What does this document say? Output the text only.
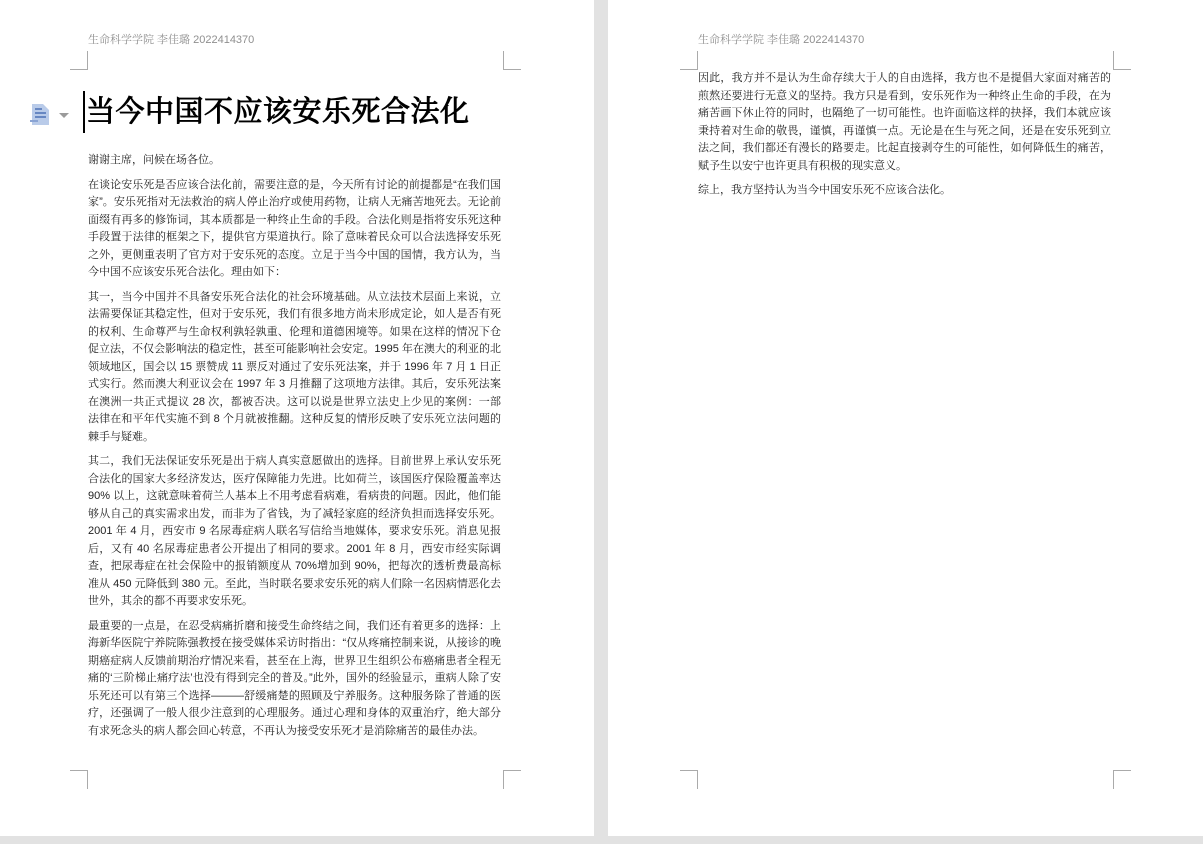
生命科学学院 李佳璐 2022414370
当今中国不应该安乐死合法化

谢谢主席，问候在场各位。

在谈论安乐死是否应该合法化前，需要注意的是，今天所有讨论的前提都是“在我们国家”。安乐死指对无法救治的病人停止治疗或使用药物，让病人无痛苦地死去。无论前面缀有再多的修饰词，其本质都是一种终止生命的手段。合法化则是指将安乐死这种手段置于法律的框架之下，提供官方渠道执行。除了意味着民众可以合法选择安乐死之外，更侧重表明了官方对于安乐死的态度。立足于当今中国的国情，我方认为，当今中国不应该安乐死合法化。理由如下：

其一，当今中国并不具备安乐死合法化的社会环境基础。从立法技术层面上来说，立法需要保证其稳定性，但对于安乐死，我们有很多地方尚未形成定论，如人是否有死的权利、生命尊严与生命权利孰轻孰重、伦理和道德困境等。如果在这样的情况下仓促立法，不仅会影响法的稳定性，甚至可能影响社会安定。1995 年在澳大的利亚的北领域地区，国会以 15 票赞成 11 票反对通过了安乐死法案，并于 1996 年 7 月 1 日正式实行。然而澳大利亚议会在 1997 年 3 月推翻了这项地方法律。其后，安乐死法案在澳洲一共正式提议 28 次，都被否决。这可以说是世界立法史上少见的案例：一部法律在和平年代实施不到 8 个月就被推翻。这种反复的情形反映了安乐死立法问题的棘手与疑难。

其二，我们无法保证安乐死是出于病人真实意愿做出的选择。目前世界上承认安乐死合法化的国家大多经济发达，医疗保障能力先进。比如荷兰，该国医疗保险覆盖率达 90% 以上，这就意味着荷兰人基本上不用考虑看病难，看病贵的问题。因此，他们能够从自己的真实需求出发，而非为了省钱，为了减轻家庭的经济负担而选择安乐死。2001 年 4 月，西安市 9 名尿毒症病人联名写信给当地媒体，要求安乐死。消息见报后，又有 40 名尿毒症患者公开提出了相同的要求。2001 年 8 月，西安市经实际调查，把尿毒症在社会保险中的报销额度从 70%增加到 90%，把每次的透析费最高标准从 450 元降低到 380 元。至此，当时联名要求安乐死的病人们除一名因病情恶化去世外，其余的都不再要求安乐死。

最重要的一点是，在忍受病痛折磨和接受生命终结之间，我们还有着更多的选择：上海新华医院宁养院陈强教授在接受媒体采访时指出：“仅从疼痛控制来说，从接诊的晚期癌症病人反馈前期治疗情况来看，甚至在上海，世界卫生组织公布癌痛患者全程无痛的‘三阶梯止痛疗法’也没有得到完全的普及。”此外，国外的经验显示，重病人除了安乐死还可以有第三个选择———舒缓痛楚的照顾及宁养服务。这种服务除了普通的医疗，还强调了一般人很少注意到的心理服务。通过心理和身体的双重治疗，绝大部分有求死念头的病人都会回心转意，不再认为接受安乐死才是消除痛苦的最佳办法。

生命科学学院 李佳璐 2022414370

因此，我方并不是认为生命存续大于人的自由选择，我方也不是提倡大家面对痛苦的煎熬还要进行无意义的坚持。我方只是看到，安乐死作为一种终止生命的手段，在为痛苦画下休止符的同时，也隔绝了一切可能性。也许面临这样的抉择，我们本就应该秉持着对生命的敬畏，谨慎，再谨慎一点。无论是在生与死之间，还是在安乐死到立法之间，我们都还有漫长的路要走。比起直接剥夺生的可能性，如何降低生的痛苦，赋予生以安宁也许更具有积极的现实意义。

综上，我方坚持认为当今中国安乐死不应该合法化。
